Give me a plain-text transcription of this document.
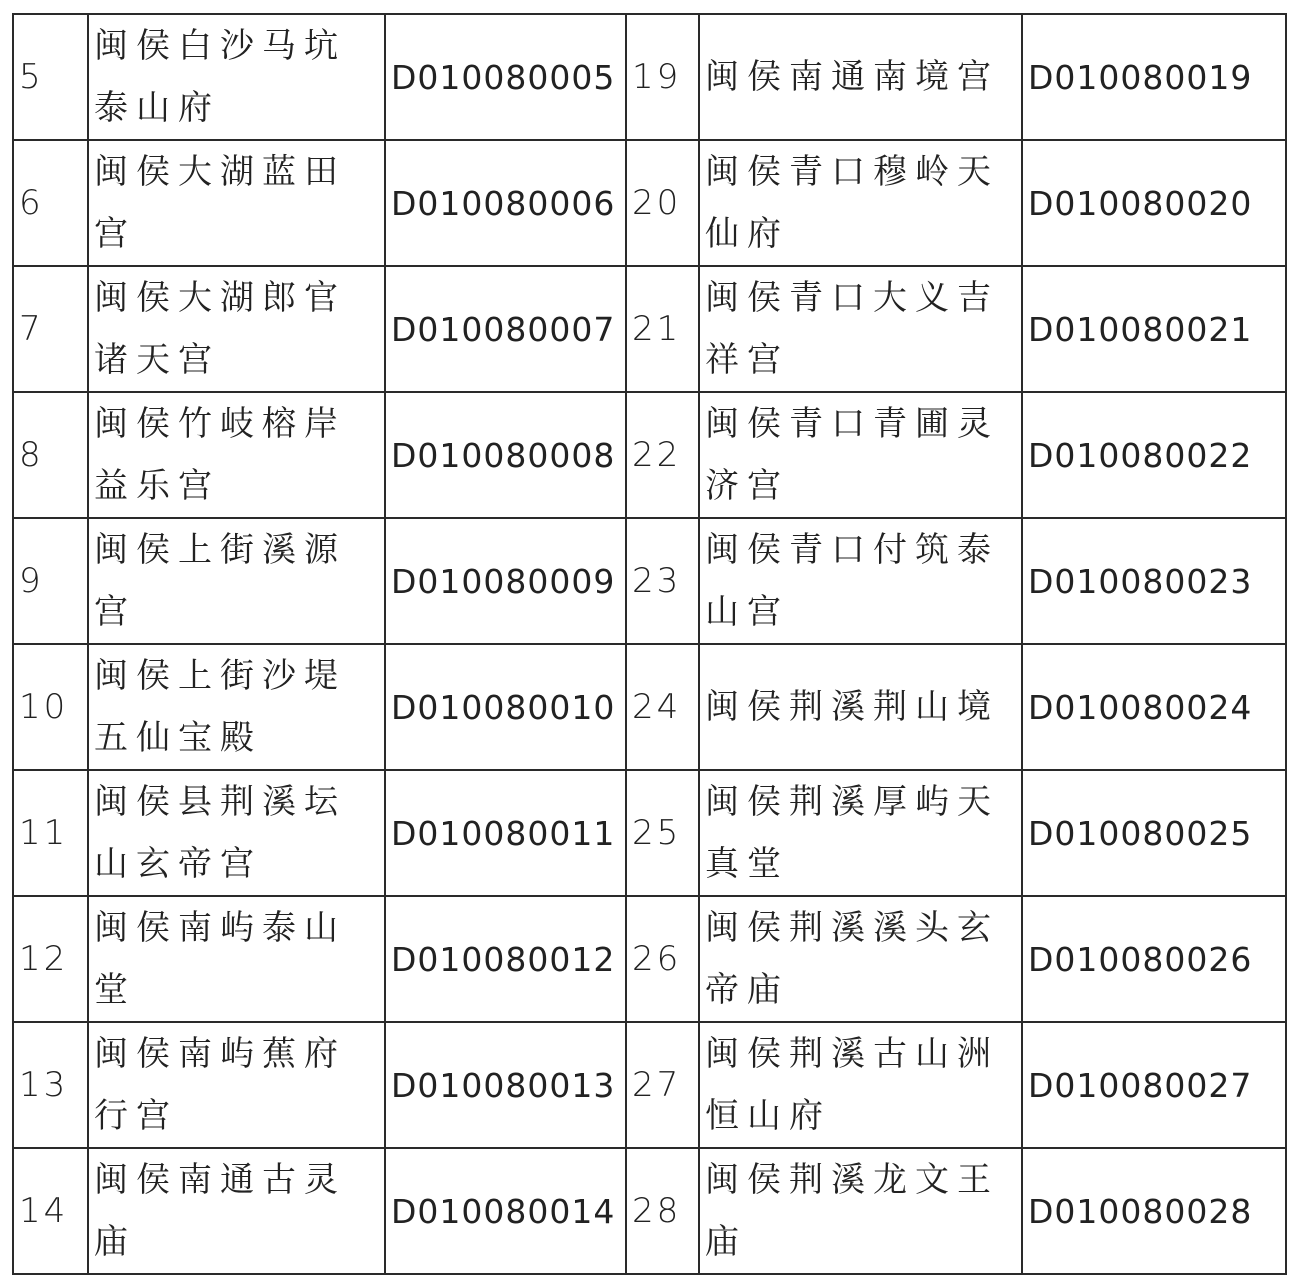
5	闽侯白沙马坑泰山府	D010080005	19	闽侯南通南境宫	D010080019
6	闽侯大湖蓝田宫	D010080006	20	闽侯青口穆岭天仙府	D010080020
7	闽侯大湖郎官诸天宫	D010080007	21	闽侯青口大义吉祥宫	D010080021
8	闽侯竹岐榕岸益乐宫	D010080008	22	闽侯青口青圃灵济宫	D010080022
9	闽侯上街溪源宫	D010080009	23	闽侯青口付筑泰山宫	D010080023
10	闽侯上街沙堤五仙宝殿	D010080010	24	闽侯荆溪荆山境	D010080024
11	闽侯县荆溪坛山玄帝宫	D010080011	25	闽侯荆溪厚屿天真堂	D010080025
12	闽侯南屿泰山堂	D010080012	26	闽侯荆溪溪头玄帝庙	D010080026
13	闽侯南屿蕉府行宫	D010080013	27	闽侯荆溪古山洲恒山府	D010080027
14	闽侯南通古灵庙	D010080014	28	闽侯荆溪龙文王庙	D010080028
